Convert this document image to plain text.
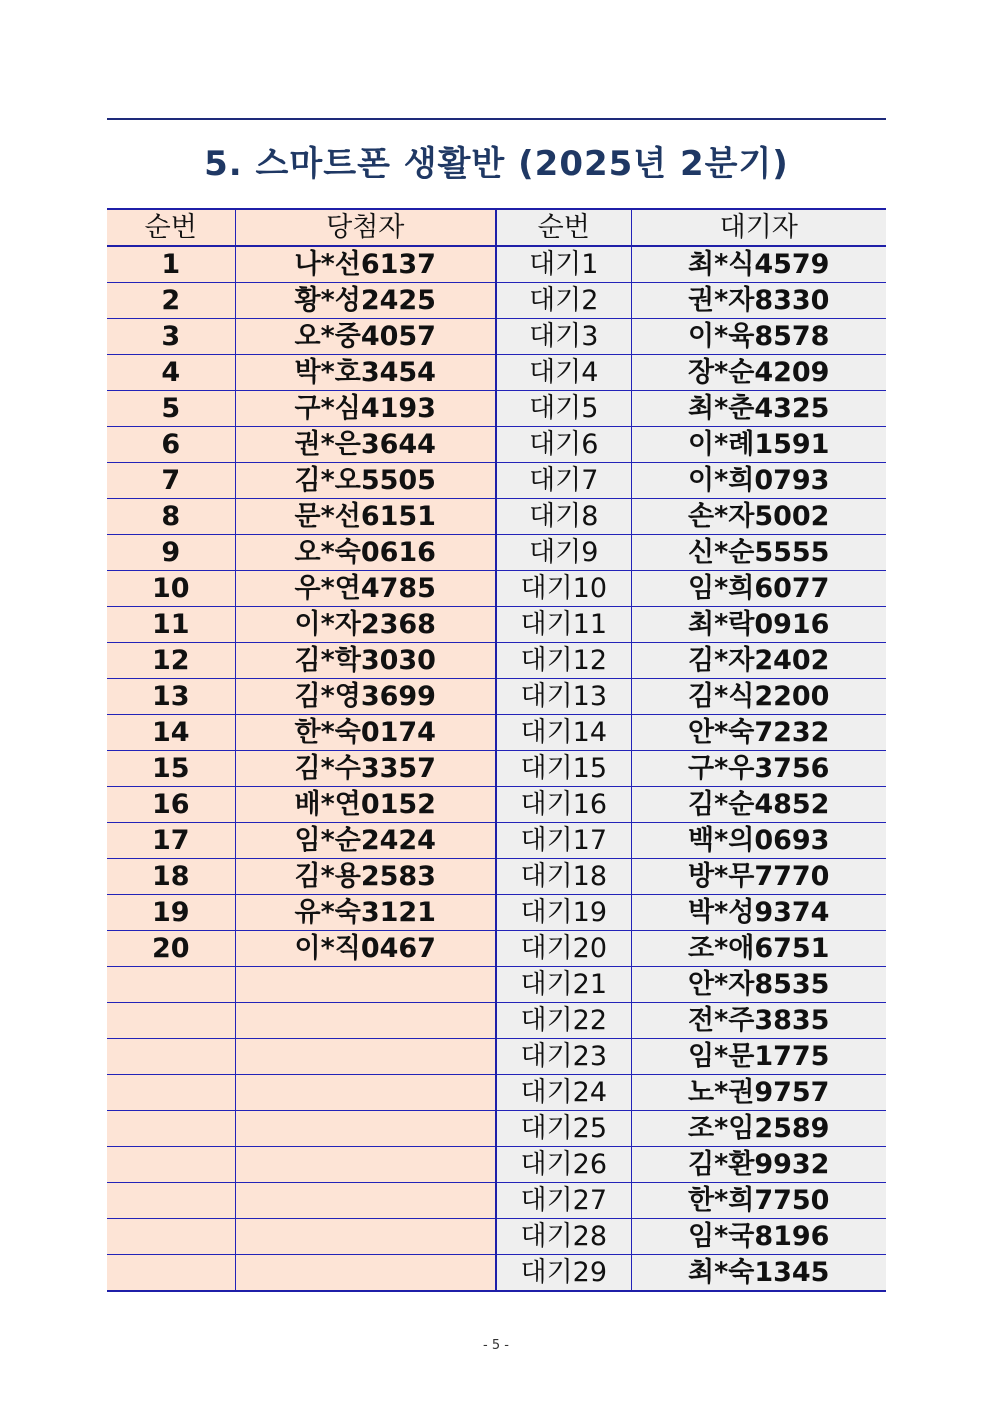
5. 스마트폰 생활반 (2025년 2분기)
순번	당첨자	순번	대기자
1	나*선6137	대기1	최*식4579
2	황*성2425	대기2	권*자8330
3	오*중4057	대기3	이*육8578
4	박*호3454	대기4	장*순4209
5	구*심4193	대기5	최*춘4325
6	권*은3644	대기6	이*례1591
7	김*오5505	대기7	이*희0793
8	문*선6151	대기8	손*자5002
9	오*숙0616	대기9	신*순5555
10	우*연4785	대기10	임*희6077
11	이*자2368	대기11	최*락0916
12	김*학3030	대기12	김*자2402
13	김*영3699	대기13	김*식2200
14	한*숙0174	대기14	안*숙7232
15	김*수3357	대기15	구*우3756
16	배*연0152	대기16	김*순4852
17	임*순2424	대기17	백*의0693
18	김*용2583	대기18	방*무7770
19	유*숙3121	대기19	박*성9374
20	이*직0467	대기20	조*애6751
		대기21	안*자8535
		대기22	전*주3835
		대기23	임*문1775
		대기24	노*권9757
		대기25	조*임2589
		대기26	김*환9932
		대기27	한*희7750
		대기28	임*국8196
		대기29	최*숙1345
- 5 -
